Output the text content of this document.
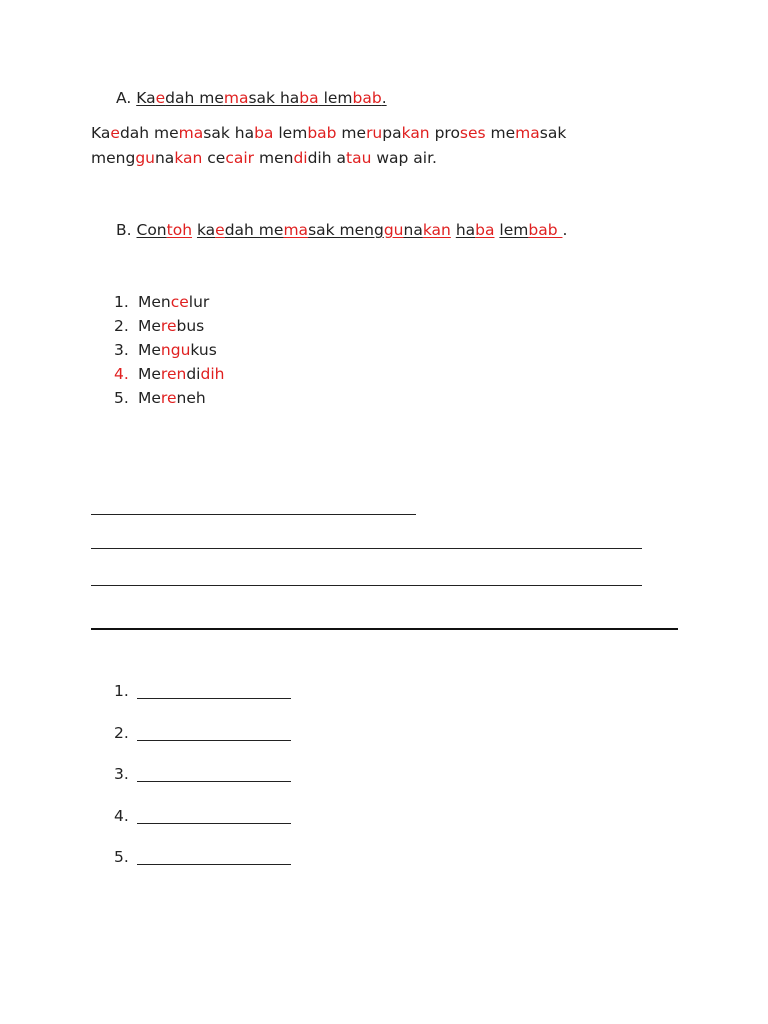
A. Kaedah memasak haba lembab.
Kaedah memasak haba lembab merupakan proses memasak
menggunakan cecair mendidih atau wap air.
B. Contoh kaedah memasak menggunakan haba lembab .
1. Mencelur
2. Merebus
3. Mengukus
4. Merendidih
5. Mereneh
1.
2.
3.
4.
5.
